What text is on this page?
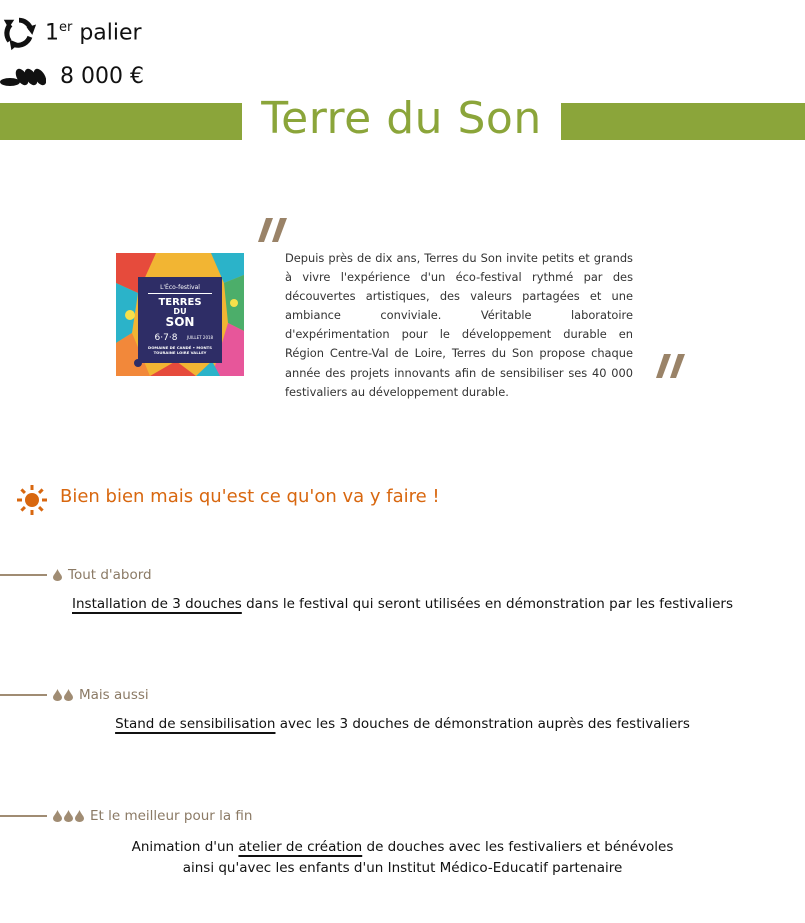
1er palier
8 000 €
Terre du Son
L'Éco-festival
TERRES
DU
SON
6·7·8 JUILLET 2018
DOMAINE DE CANDÉ • MONTS
TOURAINE LOIRE VALLEY
Depuis près de dix ans, Terres du Son invite petits et grands à vivre l'expérience d'un éco-festival rythmé par des découvertes artistiques, des valeurs partagées et une ambiance conviviale. Véritable laboratoire d'expérimentation pour le développement durable en Région Centre-Val de Loire, Terres du Son propose chaque année des projets innovants afin de sensibiliser ses 40 000 festivaliers au développement durable.
Bien bien mais qu'est ce qu'on va y faire !
Tout d'abord
Installation de 3 douches dans le festival qui seront utilisées en démonstration par les festivaliers
Mais aussi
Stand de sensibilisation avec les 3 douches de démonstration auprès des festivaliers
Et le meilleur pour la fin
Animation d'un atelier de création de douches avec les festivaliers et bénévoles
ainsi qu'avec les enfants d'un Institut Médico-Educatif partenaire
